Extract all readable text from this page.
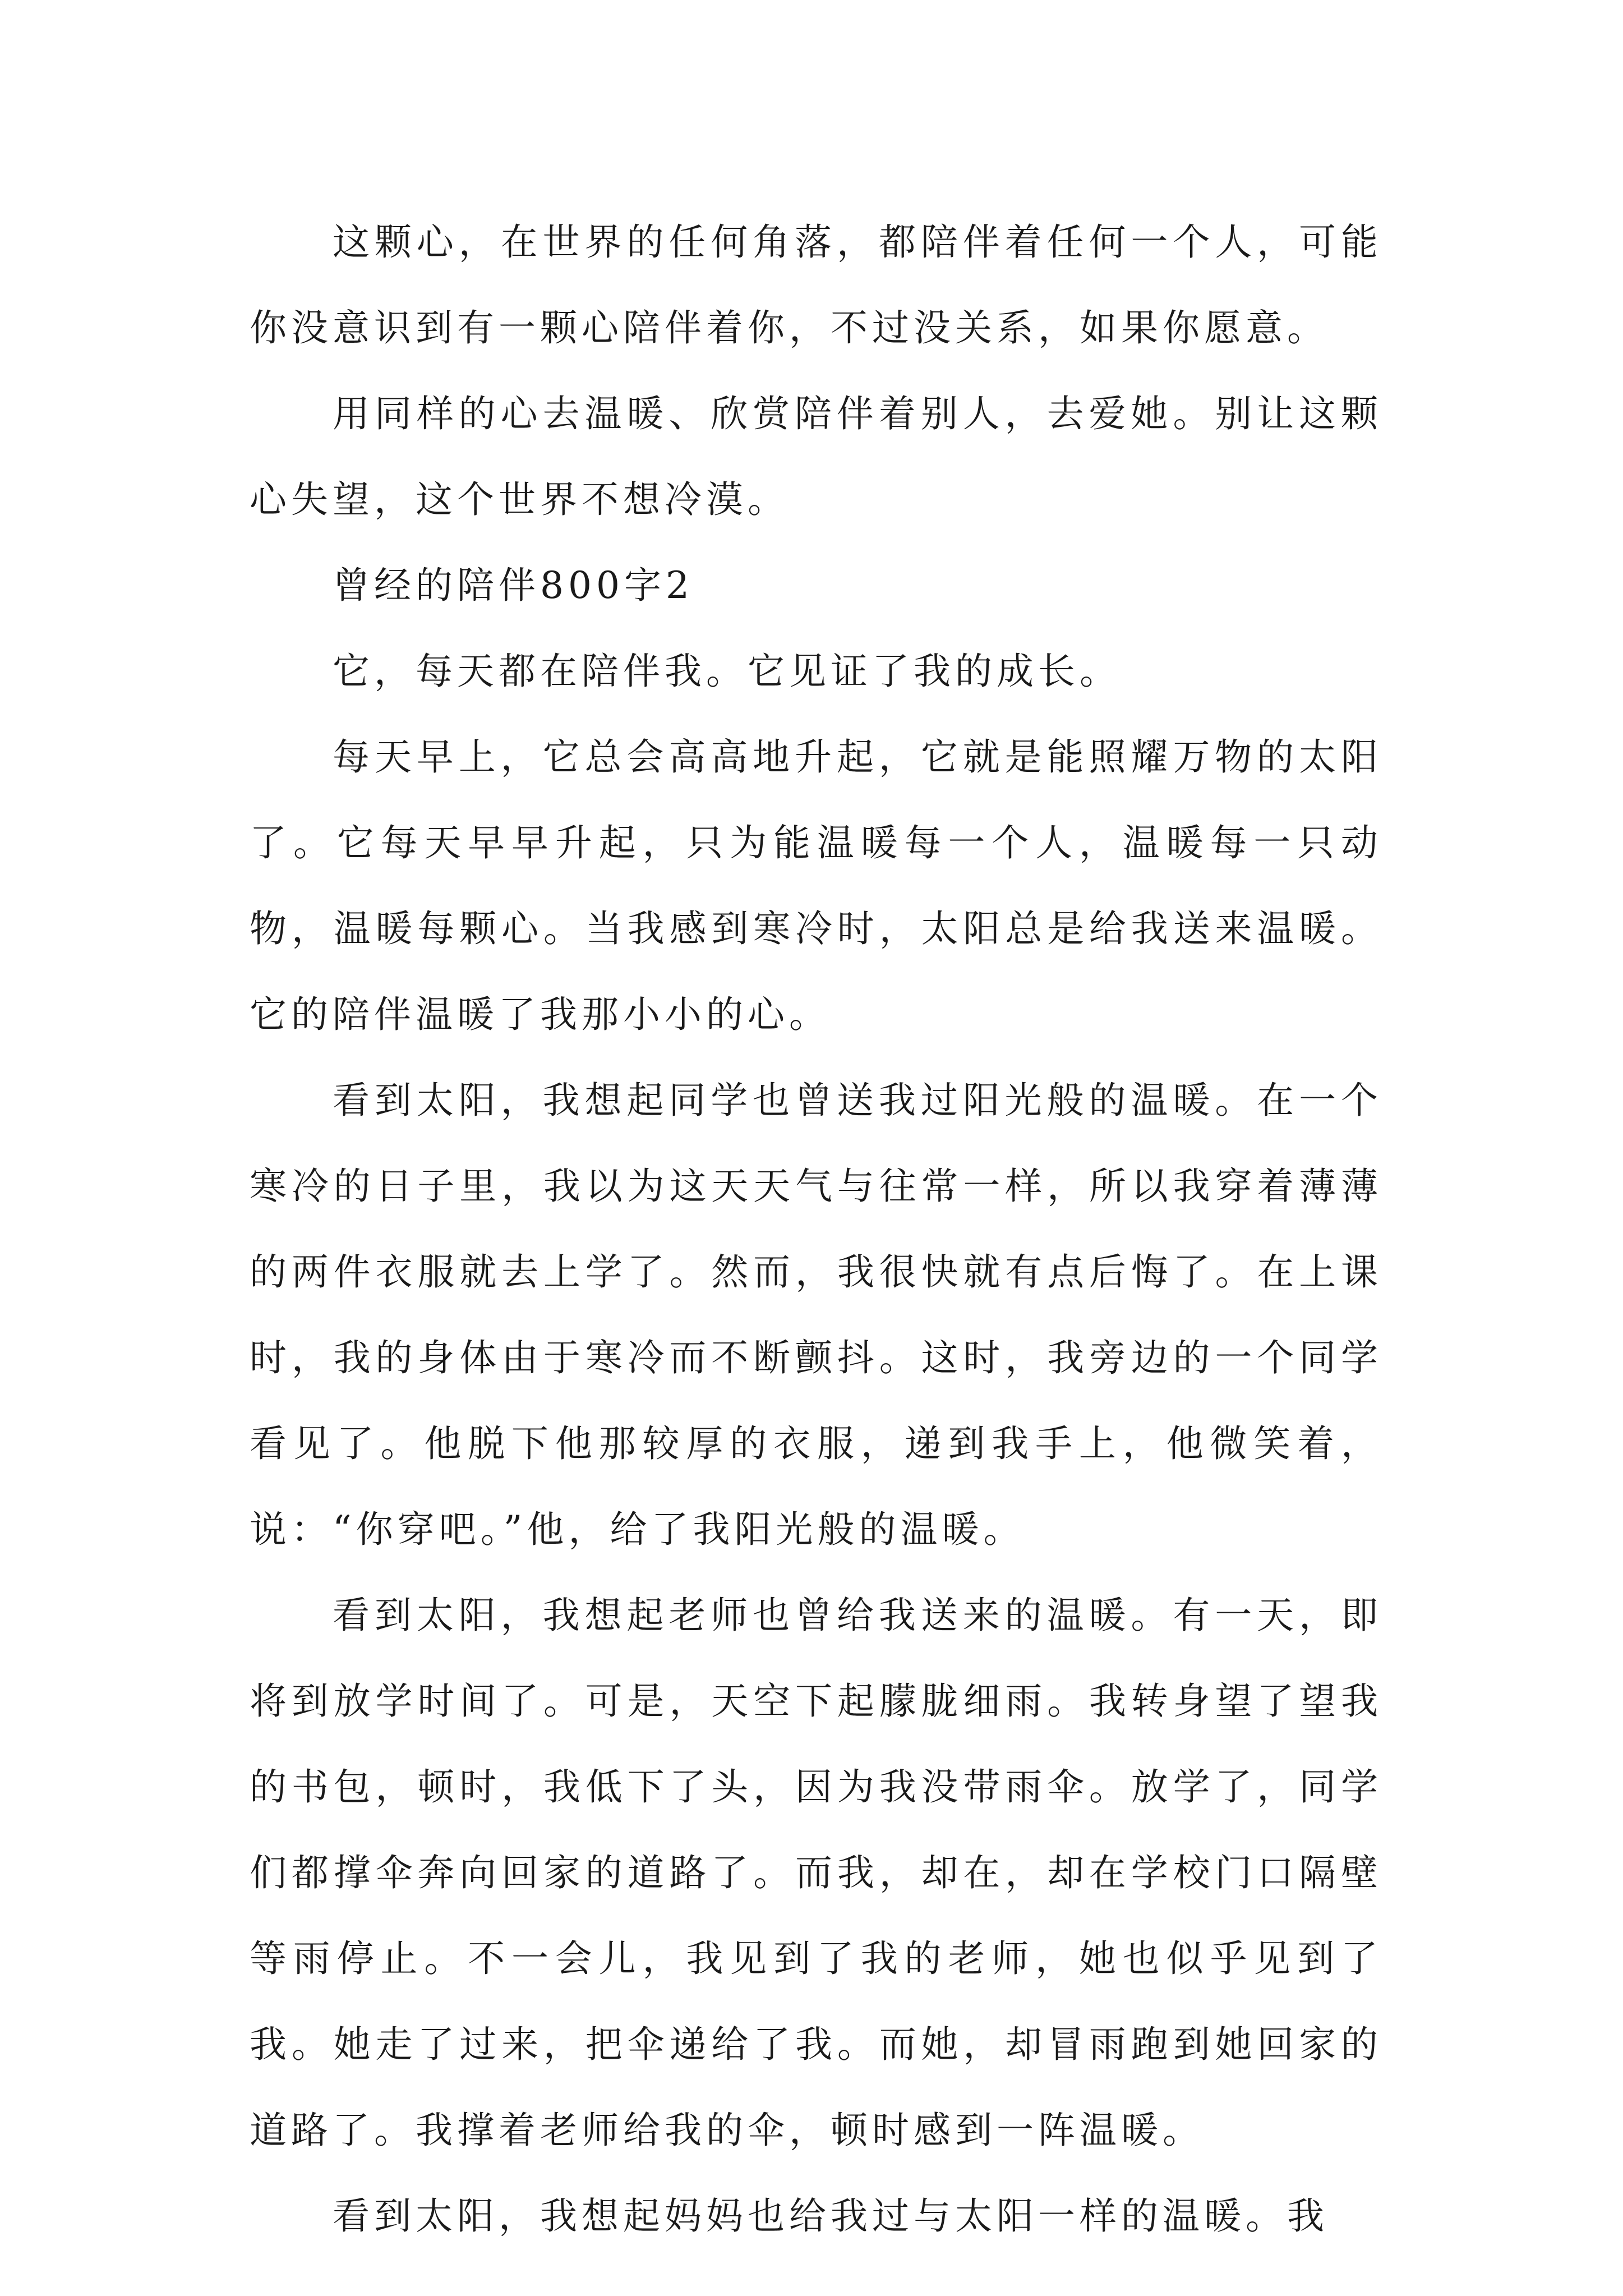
这颗心，在世界的任何角落，都陪伴着任何一个人，可能你没意识到有一颗心陪伴着你，不过没关系，如果你愿意。

用同样的心去温暖、欣赏陪伴着别人，去爱她。别让这颗心失望，这个世界不想冷漠。

曾经的陪伴800字2

它，每天都在陪伴我。它见证了我的成长。

每天早上，它总会高高地升起，它就是能照耀万物的太阳了。它每天早早升起，只为能温暖每一个人，温暖每一只动物，温暖每颗心。当我感到寒冷时，太阳总是给我送来温暖。它的陪伴温暖了我那小小的心。

看到太阳，我想起同学也曾送我过阳光般的温暖。在一个寒冷的日子里，我以为这天天气与往常一样，所以我穿着薄薄的两件衣服就去上学了。然而，我很快就有点后悔了。在上课时，我的身体由于寒冷而不断颤抖。这时，我旁边的一个同学看见了。他脱下他那较厚的衣服，递到我手上，他微笑着，说：“你穿吧。”他，给了我阳光般的温暖。

看到太阳，我想起老师也曾给我送来的温暖。有一天，即将到放学时间了。可是，天空下起朦胧细雨。我转身望了望我的书包，顿时，我低下了头，因为我没带雨伞。放学了，同学们都撑伞奔向回家的道路了。而我，却在，却在学校门口隔壁等雨停止。不一会儿，我见到了我的老师，她也似乎见到了我。她走了过来，把伞递给了我。而她，却冒雨跑到她回家的道路了。我撑着老师给我的伞，顿时感到一阵温暖。

看到太阳，我想起妈妈也给我过与太阳一样的温暖。我
